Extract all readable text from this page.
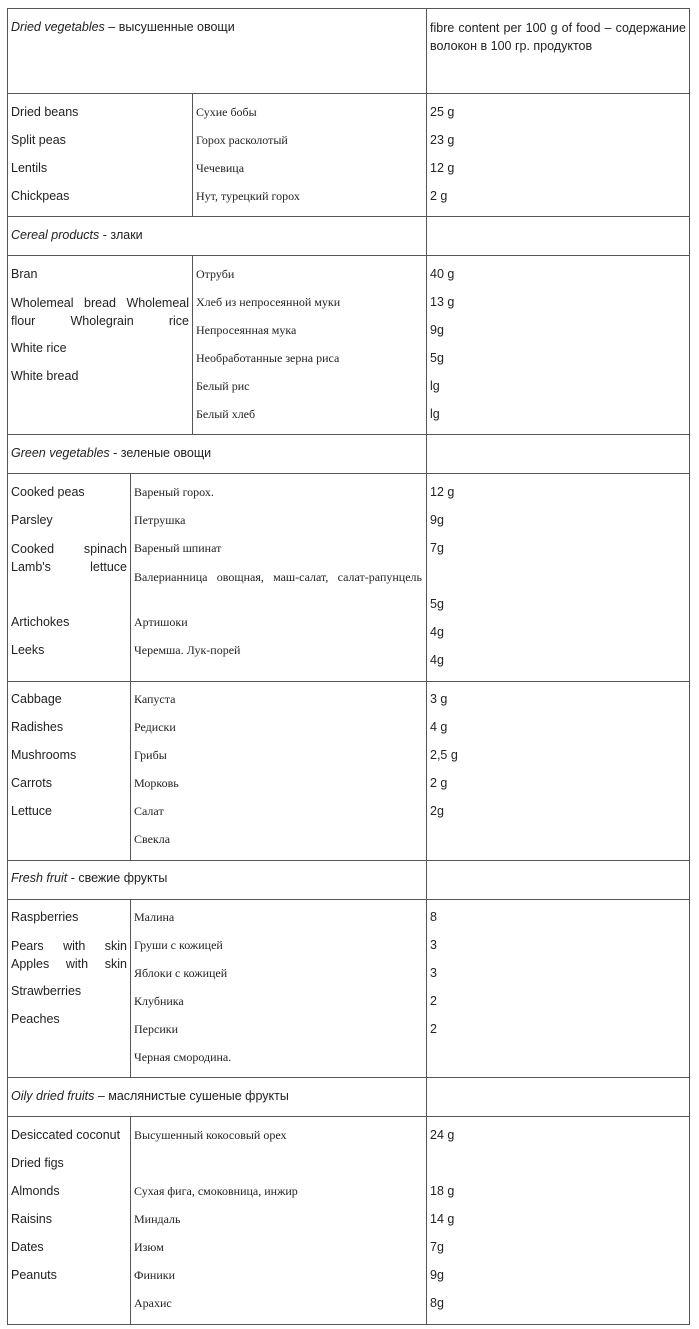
Dried vegetables – высушенные овощи	fibre content per 100 g of food – содержание волокон в 100 гр. продуктов
Dried beans
Split peas
Lentils
Chickpeas
Сухие бобы
Горох расколотый
Чечевица
Нут, турецкий горох
25 g
23 g
12 g
2 g
Cereal products - злаки
Bran
Wholemeal bread Wholemeal flour Wholegrain rice
White rice
White bread
Отруби
Хлеб из непросеянной муки
Непросеянная мука
Необработанные зерна риса
Белый рис
Белый хлеб
40 g
13 g
9g
5g
lg
lg
Green vegetables - зеленые овощи
Cooked peas
Parsley
Cooked spinach Lamb's lettuce
Artichokes
Leeks
Вареный горох.
Петрушка
Вареный шпинат
Валерианница овощная, маш-салат, салат-рапунцель
Артишоки
Черемша. Лук-порей
12 g
9g
7g
5g
4g
4g
Cabbage
Radishes
Mushrooms
Carrots
Lettuce
Капуста
Редиски
Грибы
Морковь
Салат
Свекла
3 g
4 g
2,5 g
2 g
2g
Fresh fruit - свежие фрукты
Raspberries
Pears with skin Apples with skin
Strawberries
Peaches
Малина
Груши с кожицей
Яблоки с кожицей
Клубника
Персики
Черная смородина.
8
3
3
2
2
Oily dried fruits – маслянистые сушеные фрукты
Desiccated coconut
Dried figs
Almonds
Raisins
Dates
Peanuts
Высушенный кокосовый орех
Сухая фига, смоковница, инжир
Миндаль
Изюм
Финики
Арахис
24 g
18 g
14 g
7g
9g
8g
